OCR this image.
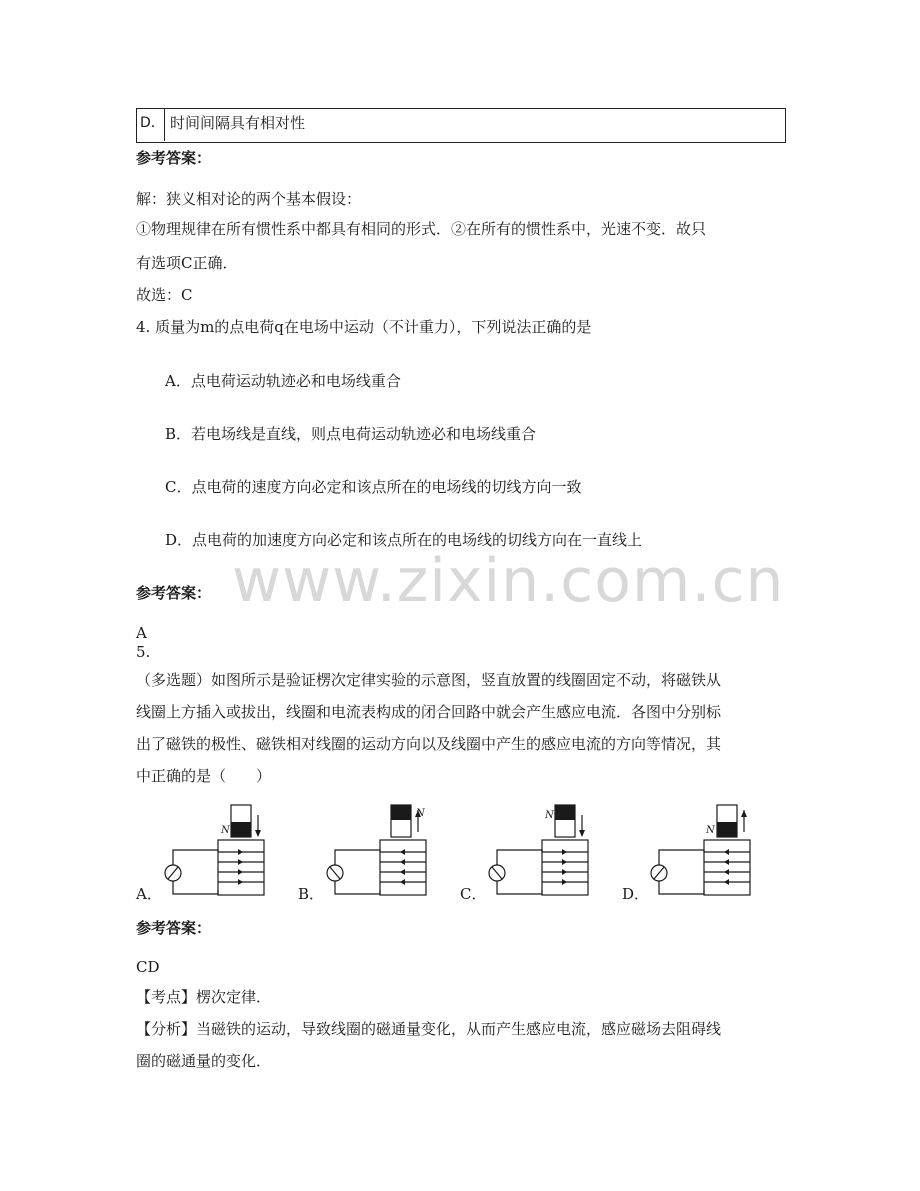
D． 时间间隔具有相对性
参考答案：
解：狭义相对论的两个基本假设：
①物理规律在所有惯性系中都具有相同的形式．②在所有的惯性系中，光速不变．故只
有选项C正确．
故选：C
4. 质量为m的点电荷q在电场中运动（不计重力），下列说法正确的是
A．点电荷运动轨迹必和电场线重合
B．若电场线是直线，则点电荷运动轨迹必和电场线重合
C．点电荷的速度方向必定和该点所在的电场线的切线方向一致
D．点电荷的加速度方向必定和该点所在的电场线的切线方向在一直线上
www.zixin.com.cn
参考答案：
A
5.
（多选题）如图所示是验证楞次定律实验的示意图，竖直放置的线圈固定不动，将磁铁从
线圈上方插入或拔出，线圈和电流表构成的闭合回路中就会产生感应电流．各图中分别标
出了磁铁的极性、磁铁相对线圈的运动方向以及线圈中产生的感应电流的方向等情况，其
中正确的是（　　）
A．
N
B．
N
C．
N
D．
N
参考答案：
CD
【考点】楞次定律．
【分析】当磁铁的运动，导致线圈的磁通量变化，从而产生感应电流，感应磁场去阻碍线
圈的磁通量的变化．
